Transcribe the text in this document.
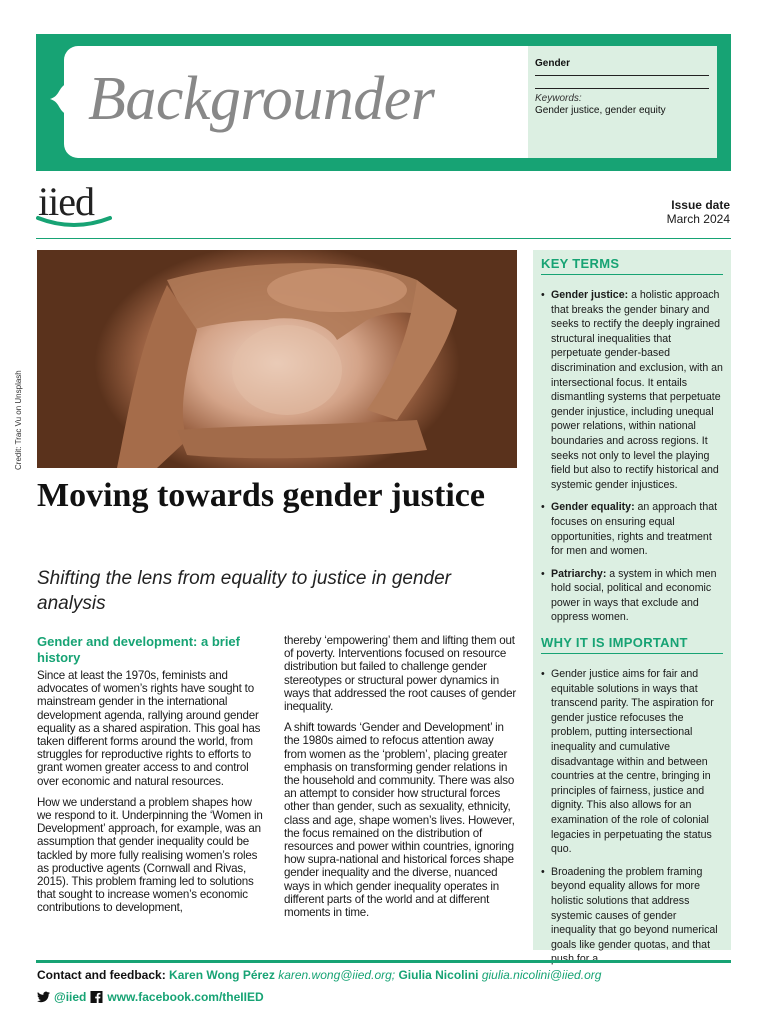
Backgrounder
Gender
Keywords:
Gender justice, gender equity
iied	Issue date
March 2024
Credit: Trac Vu on Unsplash
Moving towards gender justice
Shifting the lens from equality to justice in gender analysis
Gender and development: a brief history

Since at least the 1970s, feminists and advocates of women’s rights have sought to mainstream gender in the international development agenda, rallying around gender equality as a shared aspiration. This goal has taken different forms around the world, from struggles for reproductive rights to efforts to grant women greater access to and control over economic and natural resources.

How we understand a problem shapes how we respond to it. Underpinning the ‘Women in Development’ approach, for example, was an assumption that gender inequality could be tackled by more fully realising women’s roles as productive agents (Cornwall and Rivas, 2015). This problem framing led to solutions that sought to increase women’s economic contributions to development,

thereby ‘empowering’ them and lifting them out of poverty. Interventions focused on resource distribution but failed to challenge gender stereotypes or structural power dynamics in ways that addressed the root causes of gender inequality.

A shift towards ‘Gender and Development’ in the 1980s aimed to refocus attention away from women as the ‘problem’, placing greater emphasis on transforming gender relations in the household and community. There was also an attempt to consider how structural forces other than gender, such as sexuality, ethnicity, class and age, shape women’s lives. However, the focus remained on the distribution of resources and power within countries, ignoring how supra-national and historical forces shape gender inequality and the diverse, nuanced ways in which gender inequality operates in different parts of the world and at different moments in time.

KEY TERMS
• Gender justice: a holistic approach that breaks the gender binary and seeks to rectify the deeply ingrained structural inequalities that perpetuate gender-based discrimination and exclusion, with an intersectional focus. It entails dismantling systems that perpetuate gender injustice, including unequal power relations, within national boundaries and across regions. It seeks not only to level the playing field but also to rectify historical and systemic gender injustices.
• Gender equality: an approach that focuses on ensuring equal opportunities, rights and treatment for men and women.
• Patriarchy: a system in which men hold social, political and economic power in ways that exclude and oppress women.
WHY IT IS IMPORTANT
• Gender justice aims for fair and equitable solutions in ways that transcend parity. The aspiration for gender justice refocuses the problem, putting intersectional inequality and cumulative disadvantage within and between countries at the centre, bringing in principles of fairness, justice and dignity. This also allows for an examination of the role of colonial legacies in perpetuating the status quo.
• Broadening the problem framing beyond equality allows for more holistic solutions that address systemic causes of gender inequality that go beyond numerical goals like gender quotas, and that
Contact and feedback: Karen Wong Pérez karen.wong@iied.org; Giulia Nicolini giulia.nicolini@iied.org
@iied www.facebook.com/theIIED
